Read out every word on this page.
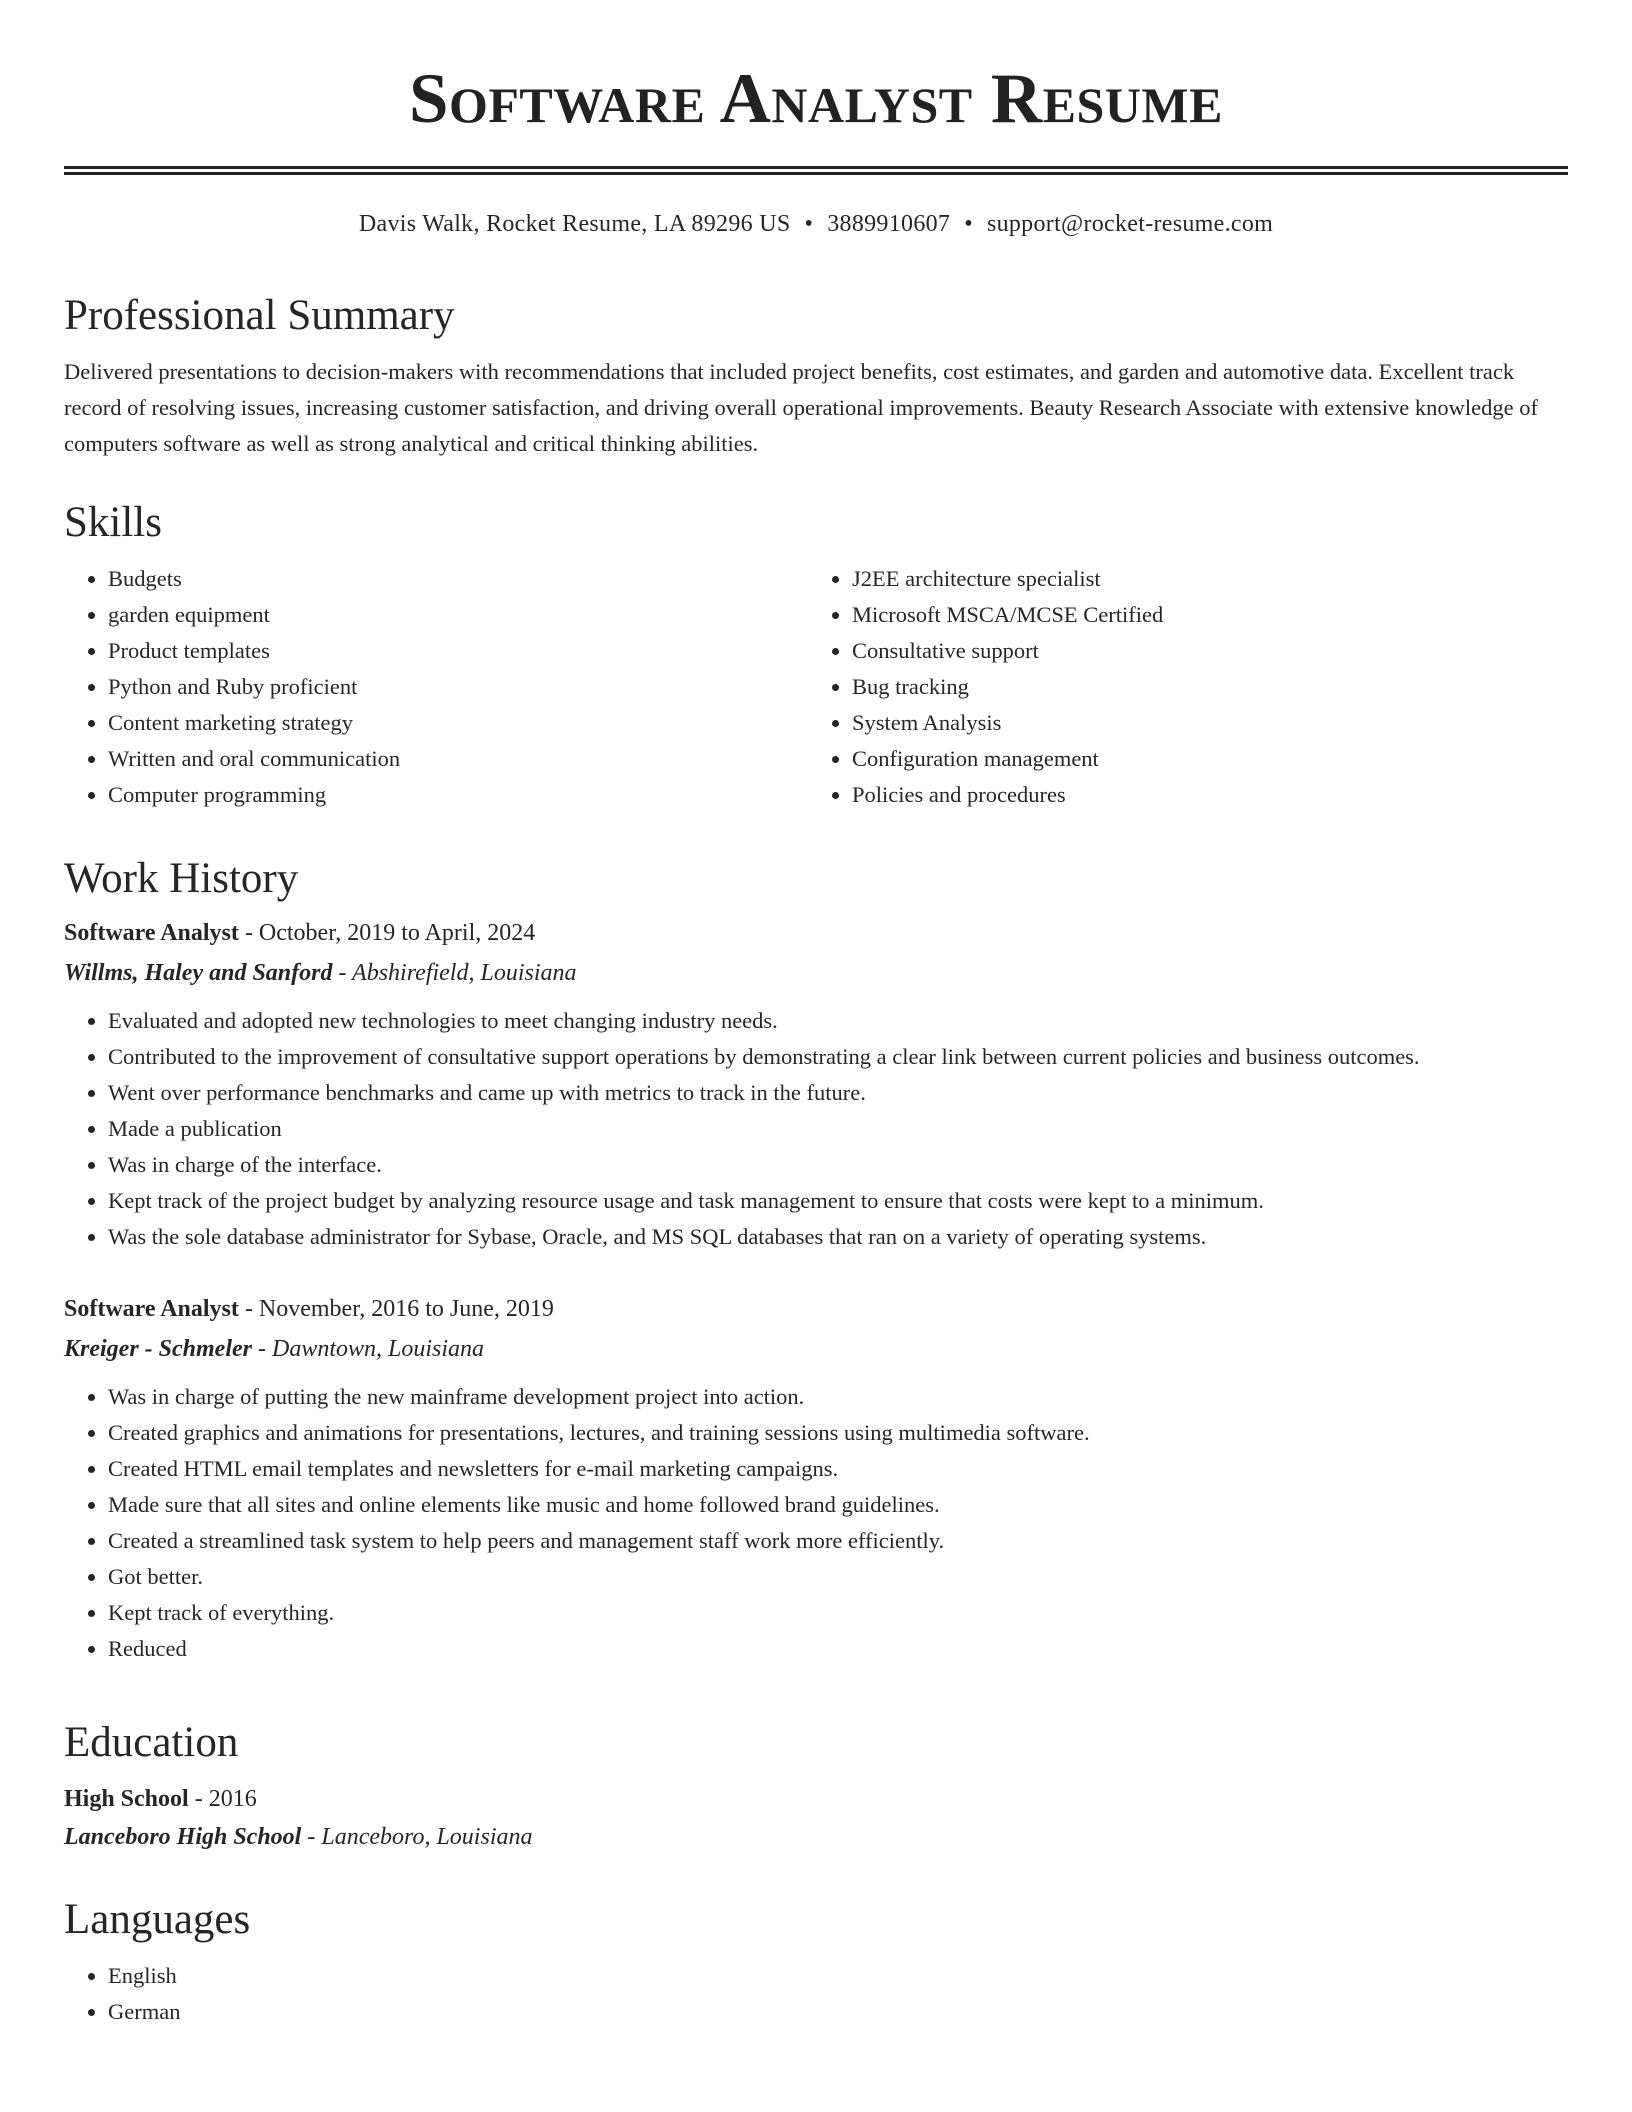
Software Analyst Resume
Davis Walk, Rocket Resume, LA 89296 US • 3889910607 • support@rocket-resume.com
Professional Summary

Delivered presentations to decision-makers with recommendations that included project benefits, cost estimates, and garden and automotive data. Excellent track record of resolving issues, increasing customer satisfaction, and driving overall operational improvements. Beauty Research Associate with extensive knowledge of computers software as well as strong analytical and critical thinking abilities.

Skills
• Budgets
• garden equipment
• Product templates
• Python and Ruby proficient
• Content marketing strategy
• Written and oral communication
• Computer programming
• J2EE architecture specialist
• Microsoft MSCA/MCSE Certified
• Consultative support
• Bug tracking
• System Analysis
• Configuration management
• Policies and procedures
Work History
Software Analyst - October, 2019 to April, 2024
Willms, Haley and Sanford - Abshirefield, Louisiana
• Evaluated and adopted new technologies to meet changing industry needs.
• Contributed to the improvement of consultative support operations by demonstrating a clear link between current policies and business outcomes.
• Went over performance benchmarks and came up with metrics to track in the future.
• Made a publication
• Was in charge of the interface.
• Kept track of the project budget by analyzing resource usage and task management to ensure that costs were kept to a minimum.
• Was the sole database administrator for Sybase, Oracle, and MS SQL databases that ran on a variety of operating systems.
Software Analyst - November, 2016 to June, 2019
Kreiger - Schmeler - Dawntown, Louisiana
• Was in charge of putting the new mainframe development project into action.
• Created graphics and animations for presentations, lectures, and training sessions using multimedia software.
• Created HTML email templates and newsletters for e-mail marketing campaigns.
• Made sure that all sites and online elements like music and home followed brand guidelines.
• Created a streamlined task system to help peers and management staff work more efficiently.
• Got better.
• Kept track of everything.
• Reduced
Education
High School - 2016
Lanceboro High School - Lanceboro, Louisiana
Languages
• English
• German
